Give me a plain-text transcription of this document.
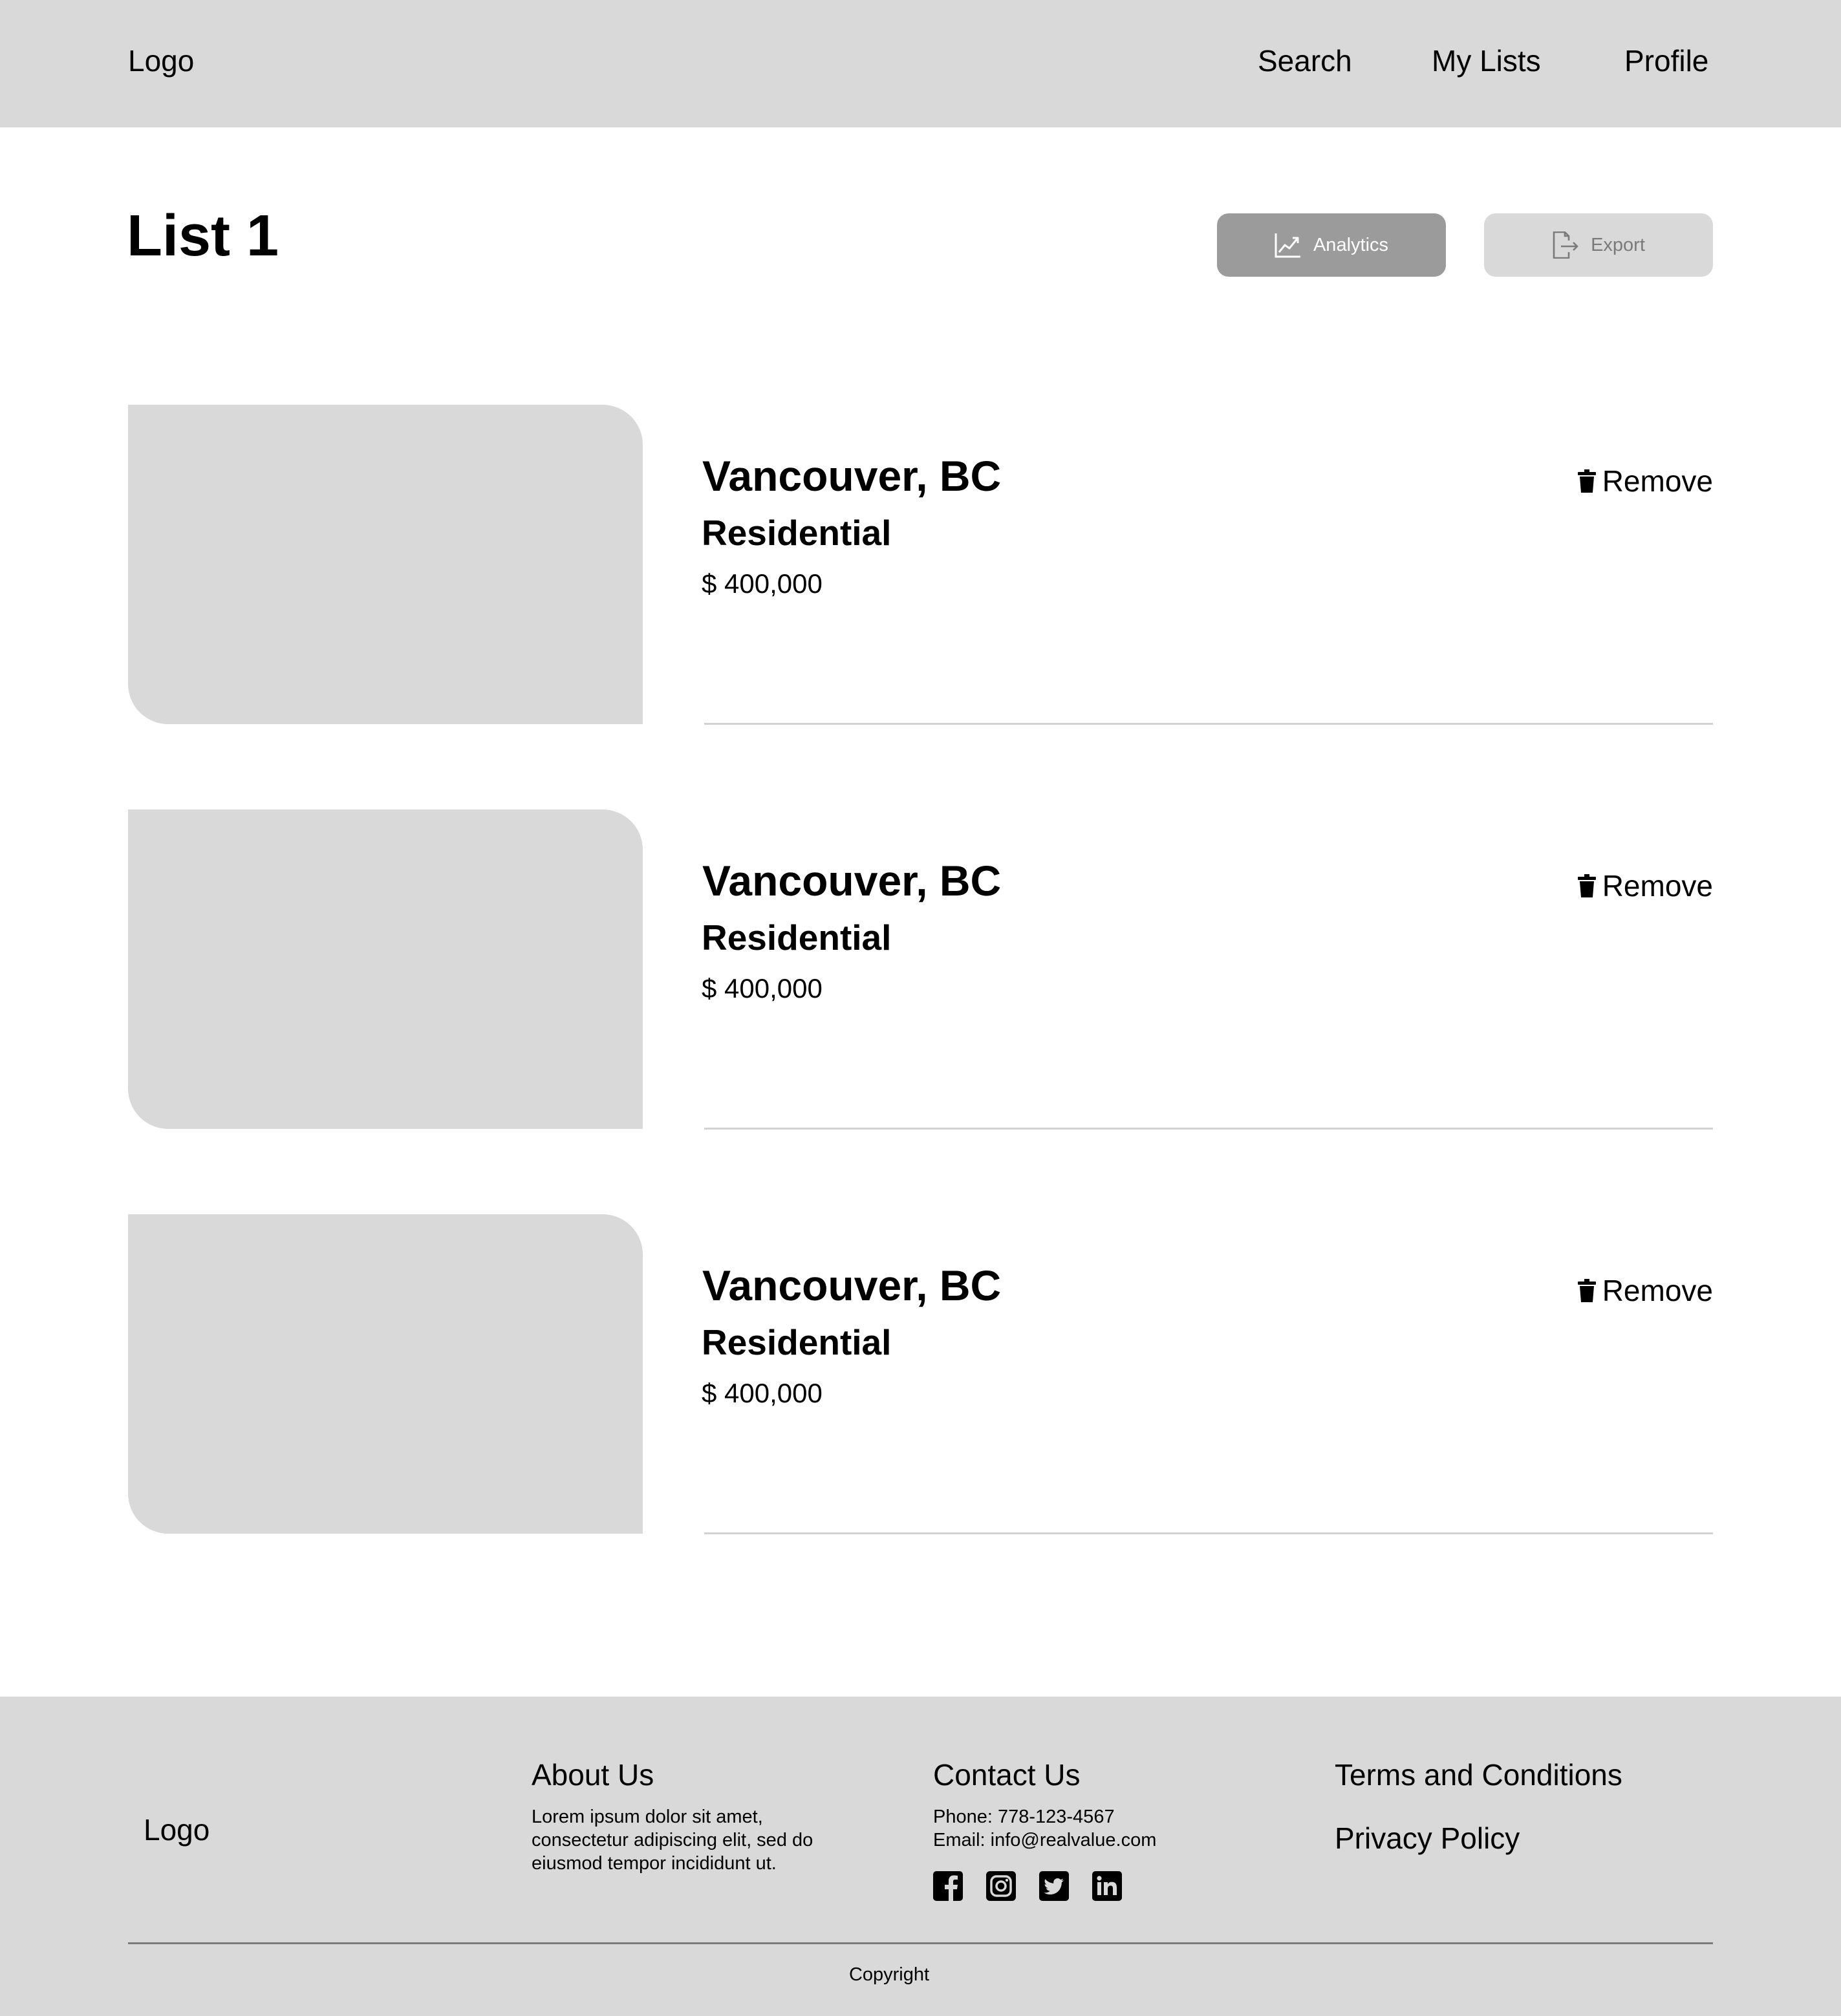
Logo	Search	My Lists	Profile
List 1	Analytics	Export
Vancouver, BC
Residential
$ 400,000
Remove
Vancouver, BC
Residential
$ 400,000
Remove
Vancouver, BC
Residential
$ 400,000
Remove
Logo
About Us
Lorem ipsum dolor sit amet, consectetur adipiscing elit, sed do eiusmod tempor incididunt ut.
Contact Us
Phone: 778-123-4567
Email: info@realvalue.com
Terms and Conditions
Privacy Policy
Copyright
